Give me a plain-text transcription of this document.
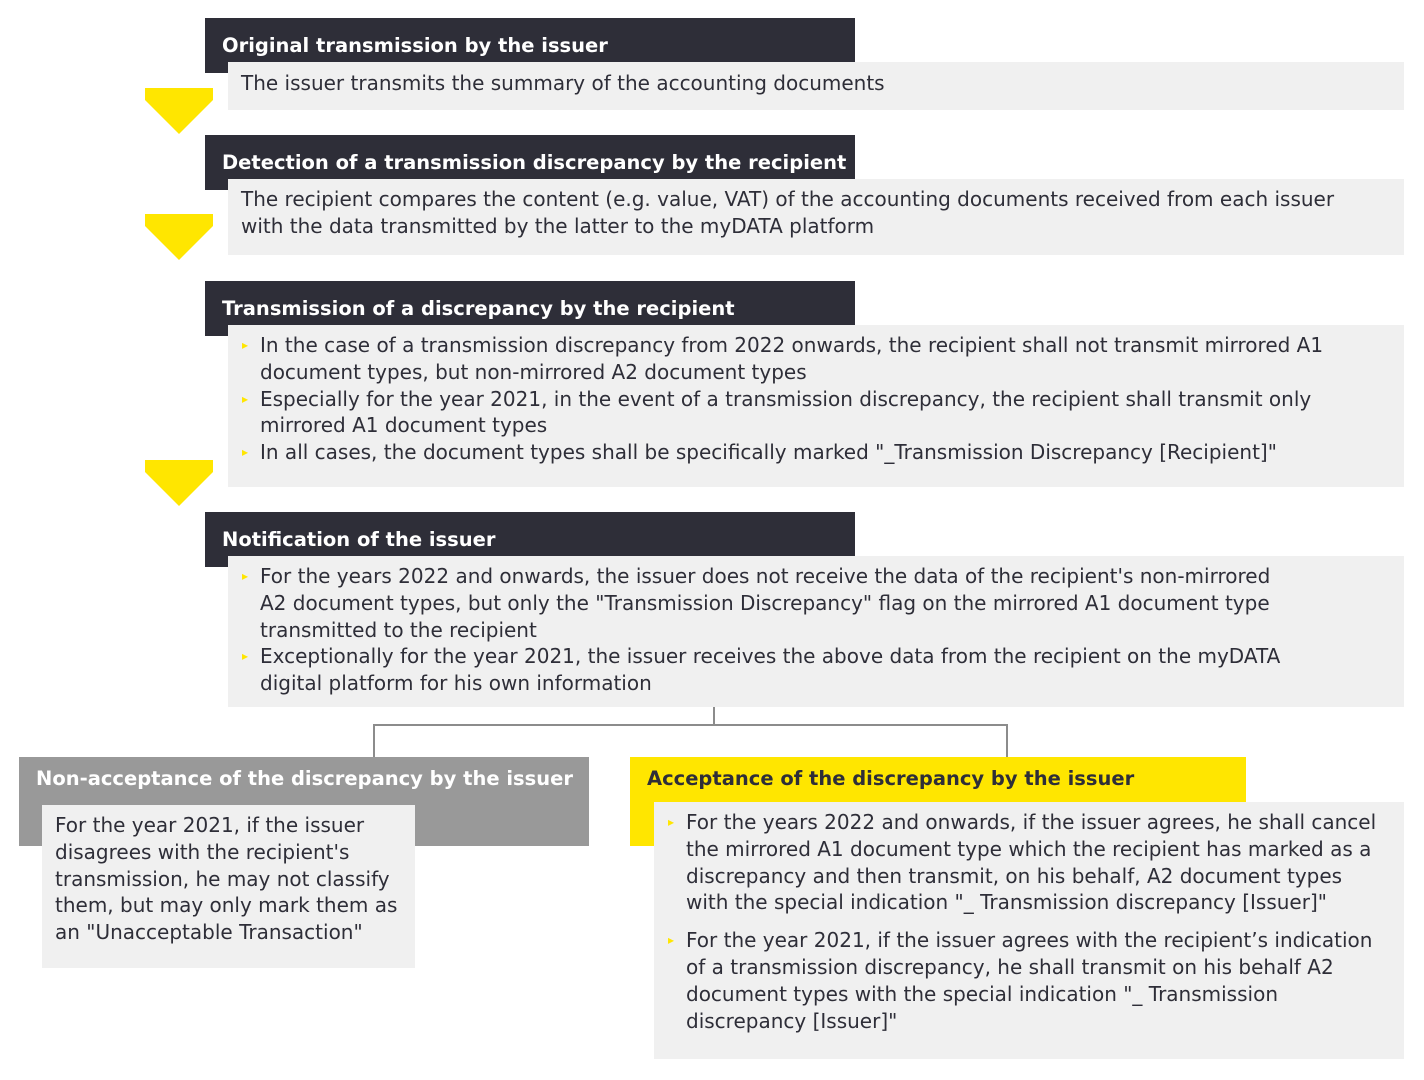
Original transmission by the issuer

The issuer transmits the summary of the accounting documents

Detection of a transmission discrepancy by the recipient

The recipient compares the content (e.g. value, VAT) of the accounting documents received from each issuer

with the data transmitted by the latter to the myDATA platform

Transmission of a discrepancy by the recipient
▸ In the case of a transmission discrepancy from 2022 onwards, the recipient shall not transmit mirrored A1
document types, but non-mirrored A2 document types
▸ Especially for the year 2021, in the event of a transmission discrepancy, the recipient shall transmit only
mirrored A1 document types
▸ In all cases, the document types shall be specifically marked "_Transmission Discrepancy [Recipient]"
Notification of the issuer
▸ For the years 2022 and onwards, the issuer does not receive the data of the recipient's non-mirrored
A2 document types, but only the "Transmission Discrepancy" flag on the mirrored A1 document type
transmitted to the recipient
▸ Exceptionally for the year 2021, the issuer receives the above data from the recipient on the myDATA
digital platform for his own information
Non-acceptance of the discrepancy by the issuer

For the year 2021, if the issuer

disagrees with the recipient's

transmission, he may not classify

them, but may only mark them as

an "Unacceptable Transaction"

Acceptance of the discrepancy by the issuer
▸ For the years 2022 and onwards, if the issuer agrees, he shall cancel
the mirrored A1 document type which the recipient has marked as a
discrepancy and then transmit, on his behalf, A2 document types
with the special indication "_ Transmission discrepancy [Issuer]"
▸ For the year 2021, if the issuer agrees with the recipient’s indication
of a transmission discrepancy, he shall transmit on his behalf A2
document types with the special indication "_ Transmission
discrepancy [Issuer]"
